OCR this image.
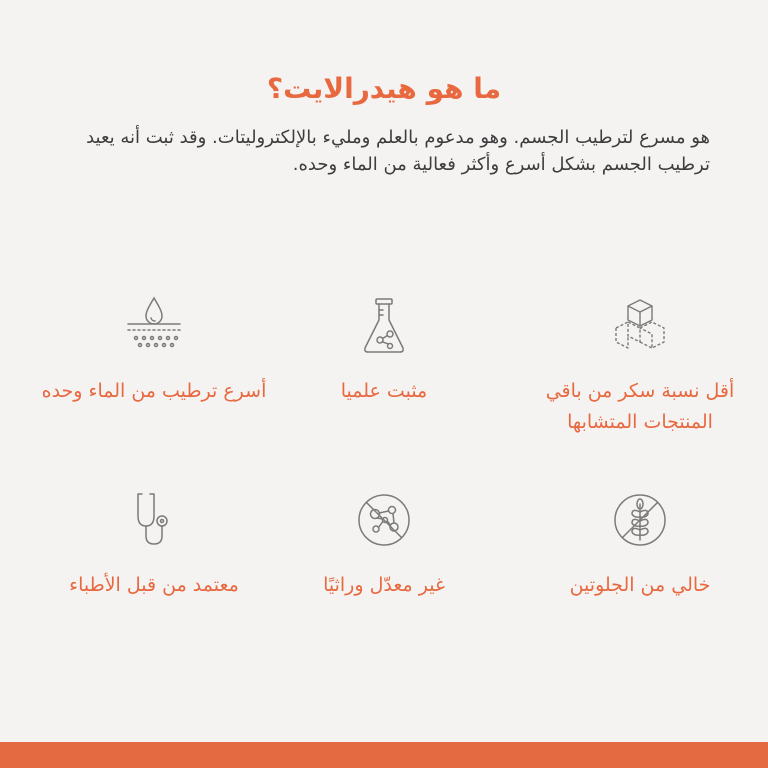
ما هو هيدرالايت؟

هو مسرع لترطيب الجسم. وهو مدعوم بالعلم ومليء بالإلكتروليتات. وقد ثبت أنه يعيد ترطيب الجسم بشكل أسرع وأكثر فعالية من الماء وحده.

أقل نسبة سكر من باقي المنتجات المتشابها

مثبت علميا

أسرع ترطيب من الماء وحده

خالي من الجلوتين

غير معدّل وراثيًا

معتمد من قبل الأطباء
